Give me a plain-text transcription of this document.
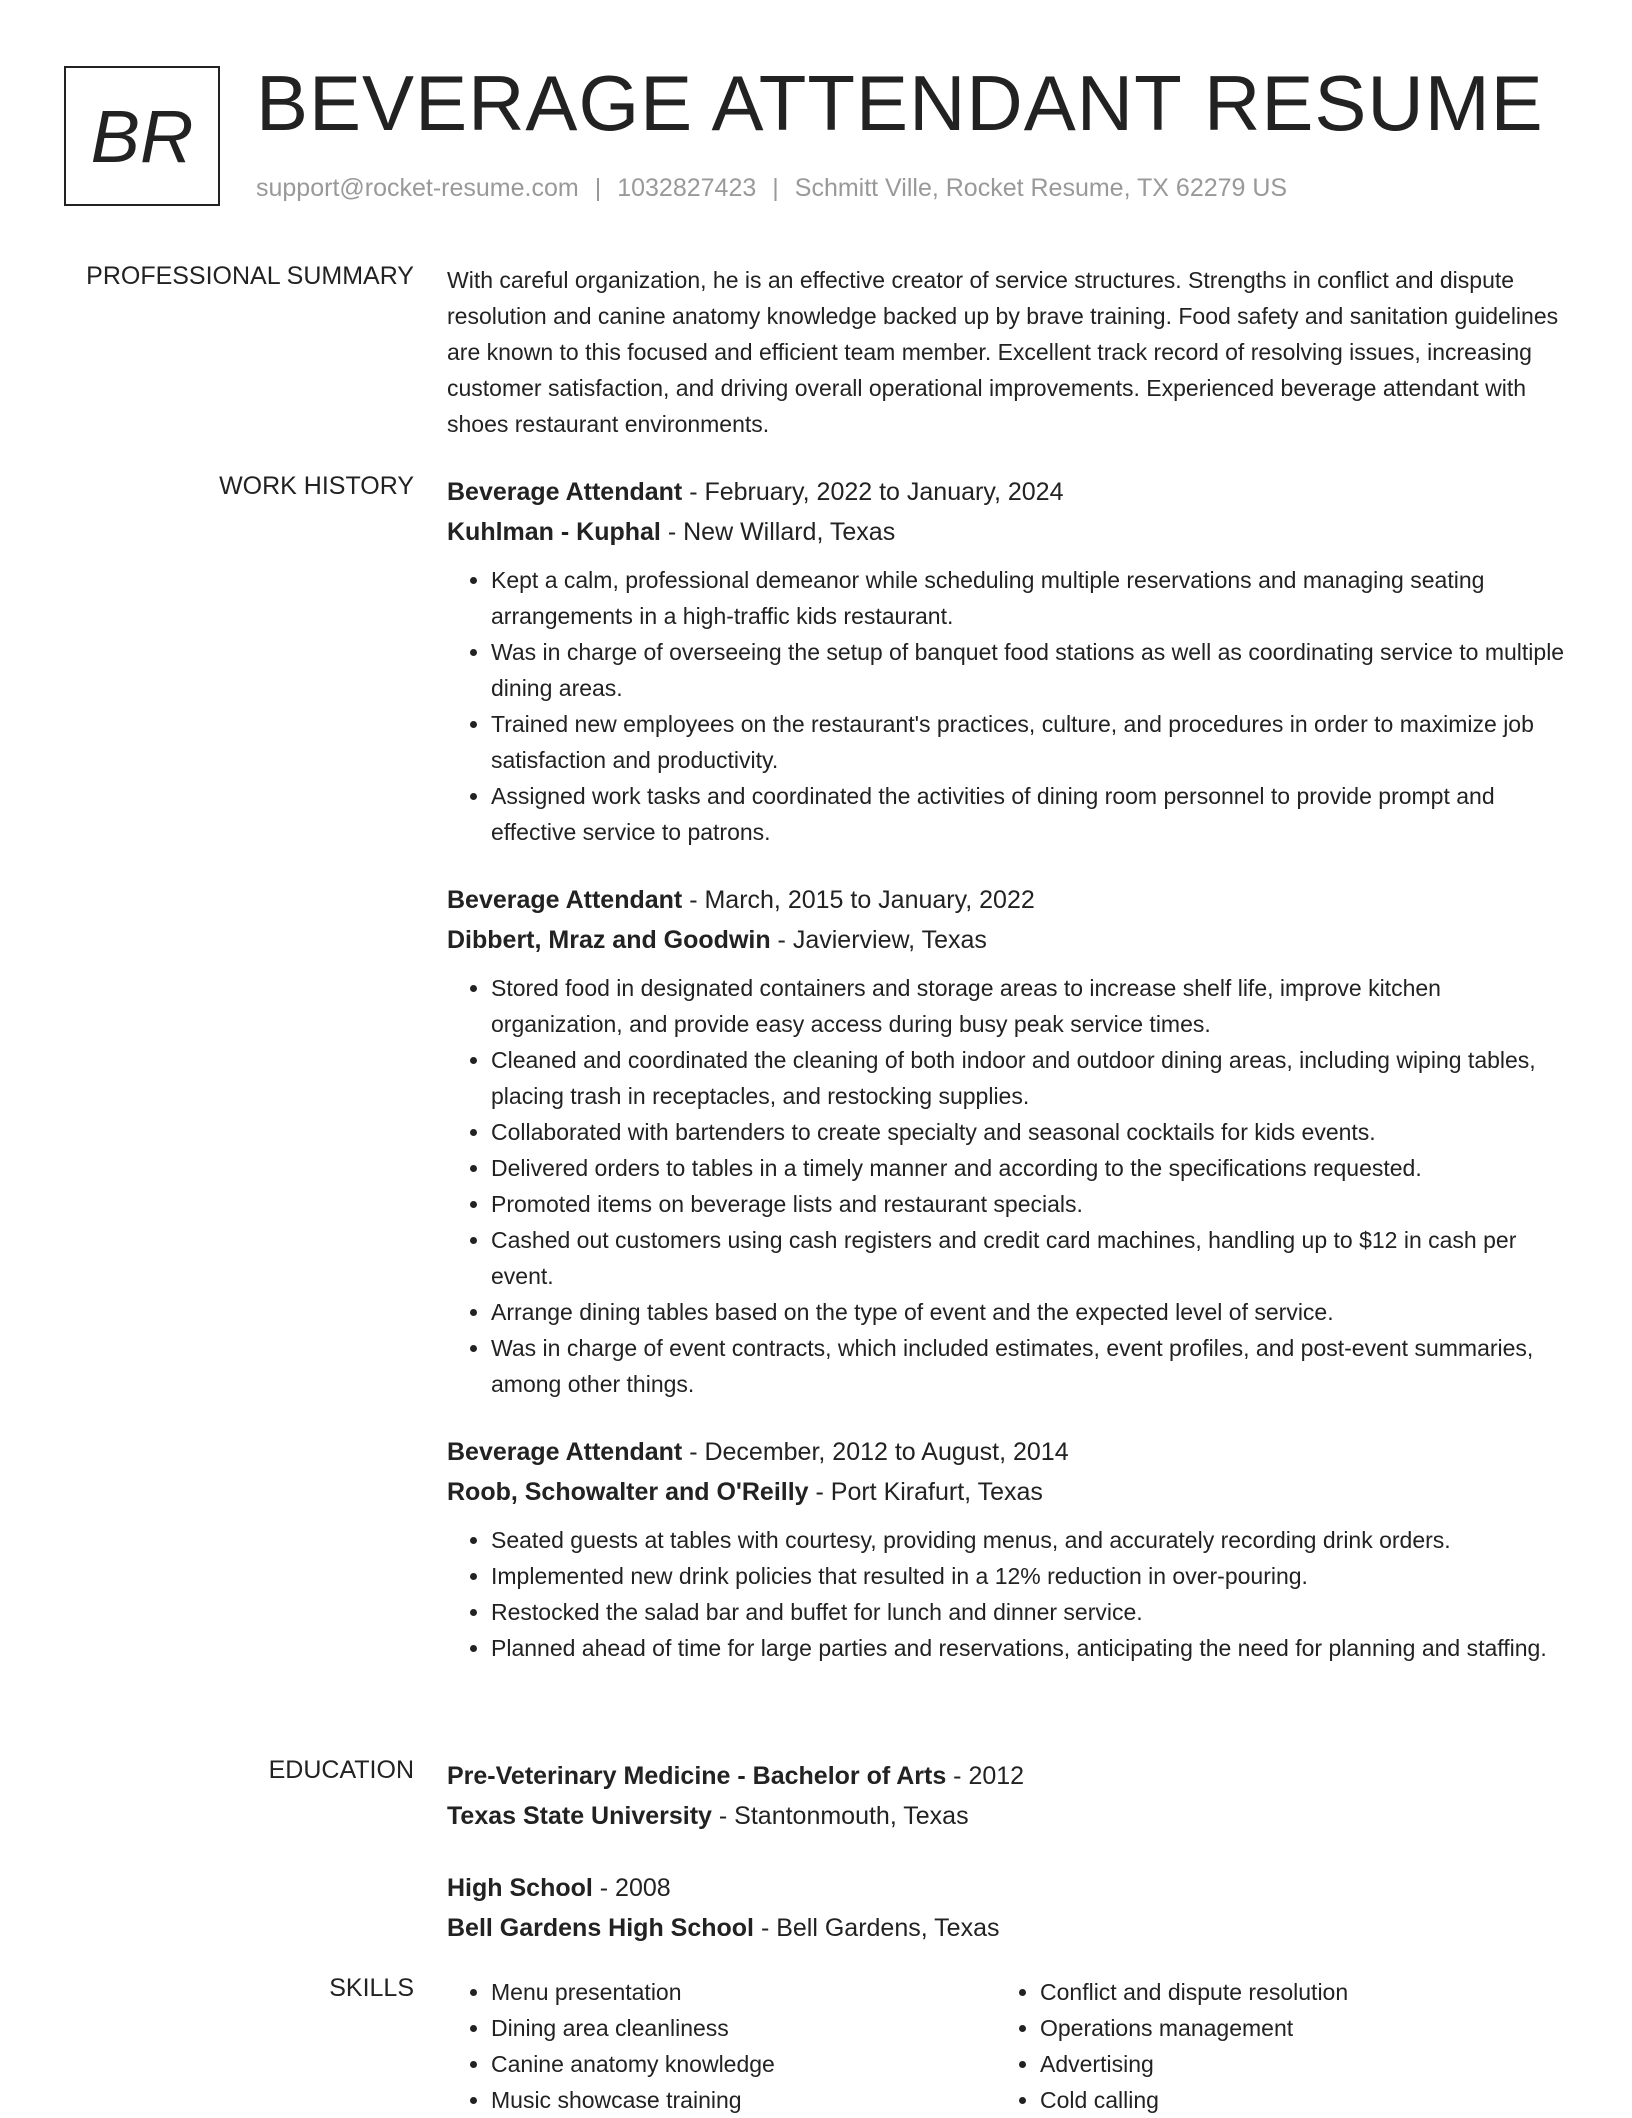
BR BEVERAGE ATTENDANT RESUME
support@rocket-resume.com | 1032827423 | Schmitt Ville, Rocket Resume, TX 62279 US
PROFESSIONAL SUMMARY With careful organization, he is an effective creator of service structures. Strengths in conflict and dispute resolution and canine anatomy knowledge backed up by brave training. Food safety and sanitation guidelines are known to this focused and efficient team member. Excellent track record of resolving issues, increasing customer satisfaction, and driving overall operational improvements. Experienced beverage attendant with shoes restaurant environments.

WORK HISTORY Beverage Attendant - February, 2022 to January, 2024
Kuhlman - Kuphal - New Willard, Texas
• Kept a calm, professional demeanor while scheduling multiple reservations and managing seating arrangements in a high-traffic kids restaurant.
• Was in charge of overseeing the setup of banquet food stations as well as coordinating service to multiple dining areas.
• Trained new employees on the restaurant's practices, culture, and procedures in order to maximize job satisfaction and productivity.
• Assigned work tasks and coordinated the activities of dining room personnel to provide prompt and effective service to patrons.
Beverage Attendant - March, 2015 to January, 2022
Dibbert, Mraz and Goodwin - Javierview, Texas
• Stored food in designated containers and storage areas to increase shelf life, improve kitchen organization, and provide easy access during busy peak service times.
• Cleaned and coordinated the cleaning of both indoor and outdoor dining areas, including wiping tables, placing trash in receptacles, and restocking supplies.
• Collaborated with bartenders to create specialty and seasonal cocktails for kids events.
• Delivered orders to tables in a timely manner and according to the specifications requested.
• Promoted items on beverage lists and restaurant specials.
• Cashed out customers using cash registers and credit card machines, handling up to $12 in cash per event.
• Arrange dining tables based on the type of event and the expected level of service.
• Was in charge of event contracts, which included estimates, event profiles, and post-event summaries, among other things.
Beverage Attendant - December, 2012 to August, 2014
Roob, Schowalter and O'Reilly - Port Kirafurt, Texas
• Seated guests at tables with courtesy, providing menus, and accurately recording drink orders.
• Implemented new drink policies that resulted in a 12% reduction in over-pouring.
• Restocked the salad bar and buffet for lunch and dinner service.
• Planned ahead of time for large parties and reservations, anticipating the need for planning and staffing.
EDUCATION Pre-Veterinary Medicine - Bachelor of Arts - 2012
Texas State University - Stantonmouth, Texas
High School - 2008
Bell Gardens High School - Bell Gardens, Texas
SKILLS
•	Menu presentation
• Dining area cleanliness
• Canine anatomy knowledge
• Music showcase training
• Conflict and dispute resolution
• Operations management
• Advertising
• Cold calling
